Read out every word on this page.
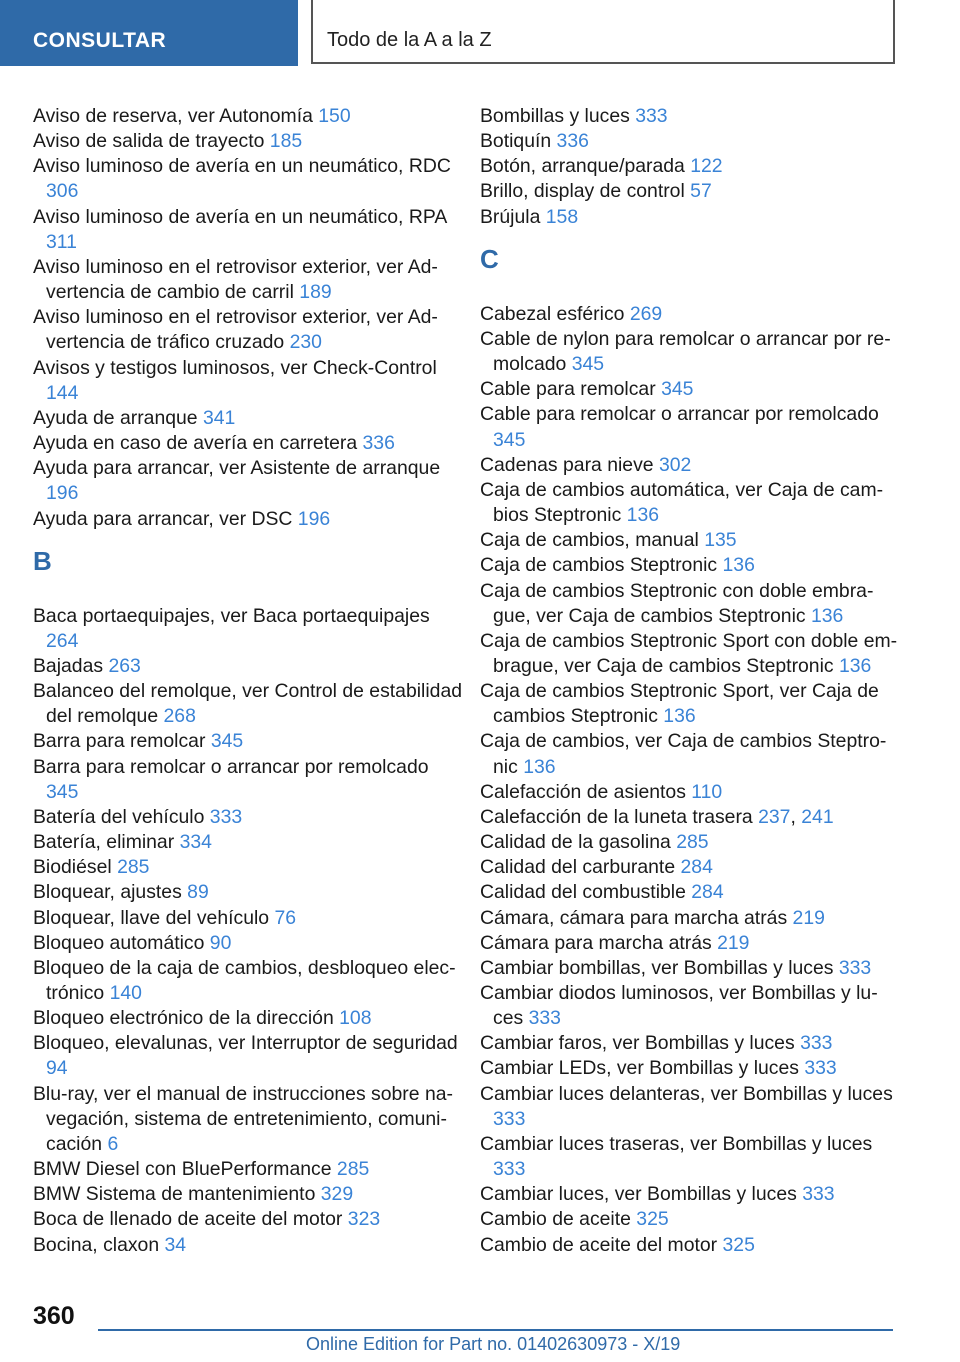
CONSULTAR	Todo de la A a la Z
Aviso de reserva, ver Autonomía 150
Aviso de salida de trayecto 185
Aviso luminoso de avería en un neumático, RDC 306
Aviso luminoso de avería en un neumático, RPA 311
Aviso luminoso en el retrovisor exterior, ver Advertencia de cambio de carril 189
Aviso luminoso en el retrovisor exterior, ver Advertencia de tráfico cruzado 230
Avisos y testigos luminosos, ver Check-Control 144
Ayuda de arranque 341
Ayuda en caso de avería en carretera 336
Ayuda para arrancar, ver Asistente de arranque 196
Ayuda para arrancar, ver DSC 196
B
Baca portaequipajes, ver Baca portaequipajes 264
Bajadas 263
Balanceo del remolque, ver Control de estabilidad del remolque 268
Barra para remolcar 345
Barra para remolcar o arrancar por remolcado 345
Batería del vehículo 333
Batería, eliminar 334
Biodiésel 285
Bloquear, ajustes 89
Bloquear, llave del vehículo 76
Bloqueo automático 90
Bloqueo de la caja de cambios, desbloqueo electrónico 140
Bloqueo electrónico de la dirección 108
Bloqueo, elevalunas, ver Interruptor de seguridad 94
Blu-ray, ver el manual de instrucciones sobre navegación, sistema de entretenimiento, comunicación 6
BMW Diesel con BluePerformance 285
BMW Sistema de mantenimiento 329
Boca de llenado de aceite del motor 323
Bocina, claxon 34
Bombillas y luces 333
Botiquín 336
Botón, arranque/parada 122
Brillo, display de control 57
Brújula 158
C
Cabezal esférico 269
Cable de nylon para remolcar o arrancar por remolcado 345
Cable para remolcar 345
Cable para remolcar o arrancar por remolcado 345
Cadenas para nieve 302
Caja de cambios automática, ver Caja de cambios Steptronic 136
Caja de cambios, manual 135
Caja de cambios Steptronic 136
Caja de cambios Steptronic con doble embrague, ver Caja de cambios Steptronic 136
Caja de cambios Steptronic Sport con doble embrague, ver Caja de cambios Steptronic 136
Caja de cambios Steptronic Sport, ver Caja de cambios Steptronic 136
Caja de cambios, ver Caja de cambios Steptronic 136
Calefacción de asientos 110
Calefacción de la luneta trasera 237, 241
Calidad de la gasolina 285
Calidad del carburante 284
Calidad del combustible 284
Cámara, cámara para marcha atrás 219
Cámara para marcha atrás 219
Cambiar bombillas, ver Bombillas y luces 333
Cambiar diodos luminosos, ver Bombillas y luces 333
Cambiar faros, ver Bombillas y luces 333
Cambiar LEDs, ver Bombillas y luces 333
Cambiar luces delanteras, ver Bombillas y luces 333
Cambiar luces traseras, ver Bombillas y luces 333
Cambiar luces, ver Bombillas y luces 333
Cambio de aceite 325
Cambio de aceite del motor 325
360
Online Edition for Part no. 01402630973 - X/19
